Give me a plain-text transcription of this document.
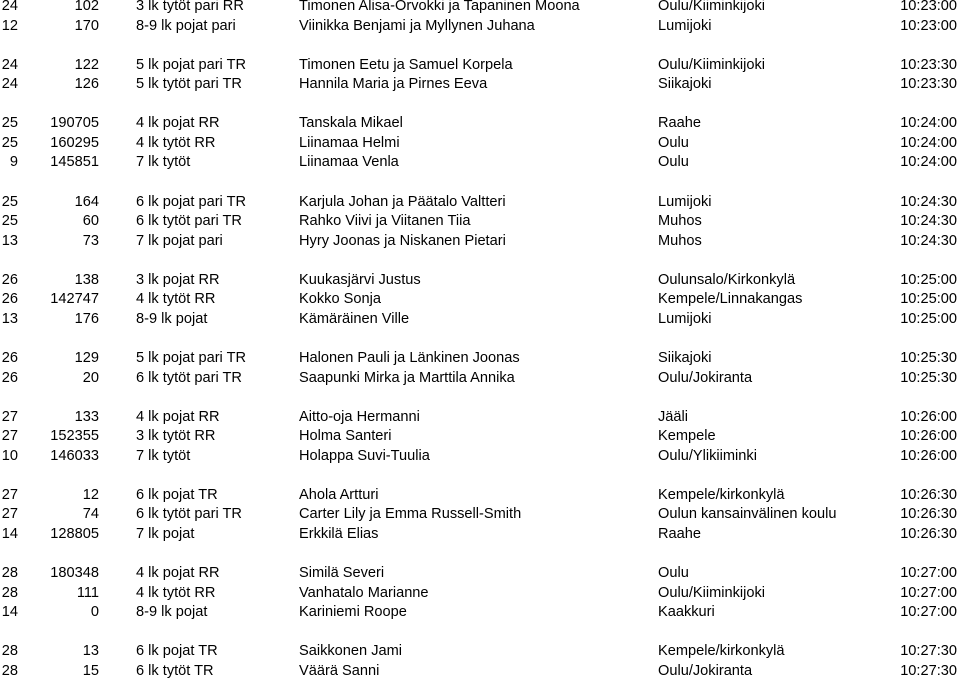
24	102	3 lk tytöt pari RR	Timonen Alisa-Orvokki ja Tapaninen Moona	Oulu/Kiiminkijoki	10:23:00
12	170	8-9 lk pojat pari	Viinikka Benjami ja Myllynen Juhana	Lumijoki	10:23:00
24	122	5 lk pojat pari TR	Timonen Eetu ja Samuel Korpela	Oulu/Kiiminkijoki	10:23:30
24	126	5 lk tytöt pari TR	Hannila Maria ja Pirnes Eeva	Siikajoki	10:23:30
25 190705	4 lk pojat RR	Tanskala Mikael	Raahe	10:24:00
25 160295	4 lk tytöt RR	Liinamaa Helmi	Oulu	10:24:00
9 145851	7 lk tytöt	Liinamaa Venla	Oulu	10:24:00
25	164	6 lk pojat pari TR	Karjula Johan ja Päätalo Valtteri	Lumijoki	10:24:30
25	60	6 lk tytöt pari TR	Rahko Viivi ja Viitanen Tiia	Muhos	10:24:30
13	73	7 lk pojat pari	Hyry Joonas ja Niskanen Pietari	Muhos	10:24:30
26	138	3 lk pojat RR	Kuukasjärvi Justus	Oulunsalo/Kirkonkylä	10:25:00
26 142747	4 lk tytöt RR	Kokko Sonja	Kempele/Linnakangas	10:25:00
13	176	8-9 lk pojat	Kämäräinen Ville	Lumijoki	10:25:00
26	129	5 lk pojat pari TR	Halonen Pauli ja Länkinen Joonas	Siikajoki	10:25:30
26	20	6 lk tytöt pari TR	Saapunki Mirka ja Marttila Annika	Oulu/Jokiranta	10:25:30
27	133	4 lk pojat RR	Aitto-oja Hermanni	Jääli	10:26:00
27 152355	3 lk tytöt RR	Holma Santeri	Kempele	10:26:00
10 146033	7 lk tytöt	Holappa Suvi-Tuulia	Oulu/Ylikiiminki	10:26:00
27	12	6 lk pojat TR	Ahola Artturi	Kempele/kirkonkylä	10:26:30
27	74	6 lk tytöt pari TR	Carter Lily ja Emma Russell-Smith	Oulun kansainvälinen koulu	10:26:30
14 128805	7 lk pojat	Erkkilä Elias	Raahe	10:26:30
28 180348	4 lk pojat RR	Similä Severi	Oulu	10:27:00
28	111	4 lk tytöt RR	Vanhatalo Marianne	Oulu/Kiiminkijoki	10:27:00
14	0	8-9 lk pojat	Kariniemi Roope	Kaakkuri	10:27:00
28	13	6 lk pojat TR	Saikkonen Jami	Kempele/kirkonkylä	10:27:30
28	15	6 lk tytöt TR	Väärä Sanni	Oulu/Jokiranta	10:27:30
